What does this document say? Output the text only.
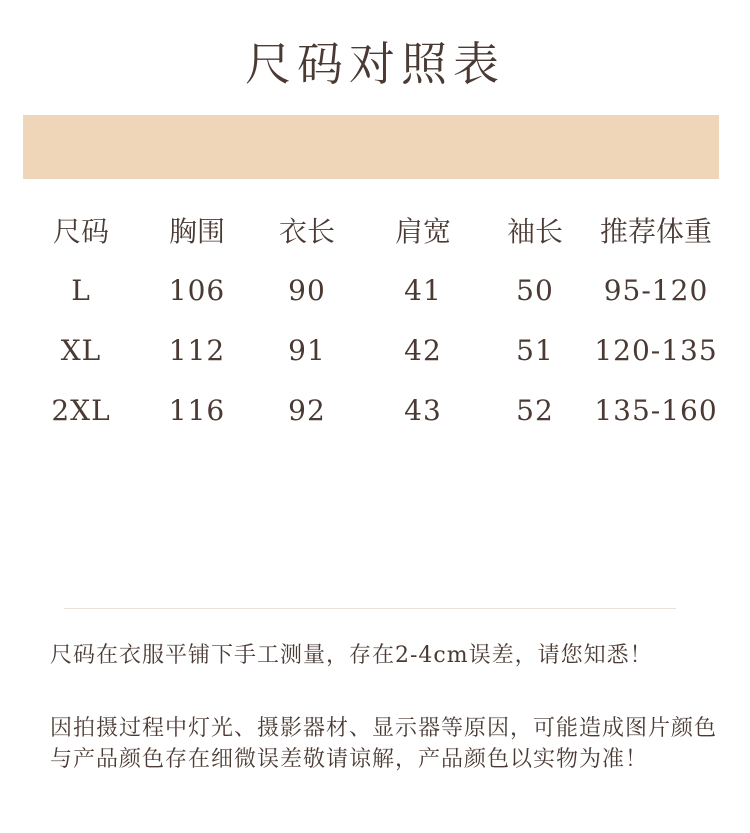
尺码对照表
尺码	胸围	衣长	肩宽	袖长	推荐体重
L	106	90	41	50	95-120
XL	112	91	42	51	120-135
2XL	116	92	43	52	135-160
尺码在衣服平铺下手工测量，存在2-4cm误差，请您知悉！
因拍摄过程中灯光、摄影器材、显示器等原因，可能造成图片颜色与产品颜色存在细微误差敬请谅解，产品颜色以实物为准！
